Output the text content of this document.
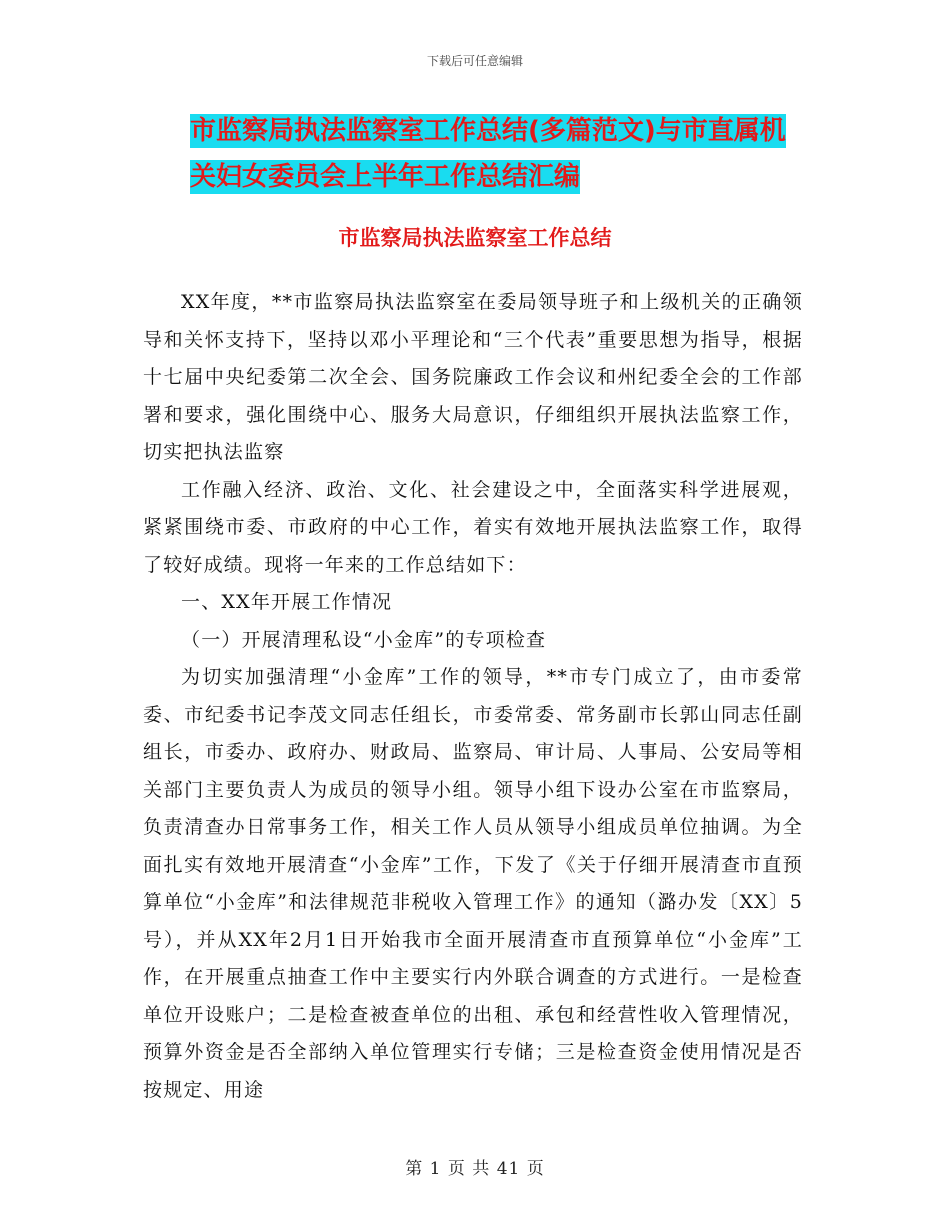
下载后可任意编辑
市监察局执法监察室工作总结(多篇范文)与市直属机
关妇女委员会上半年工作总结汇编
市监察局执法监察室工作总结

XX年度，**市监察局执法监察室在委局领导班子和上级机关的正确领导和关怀支持下，坚持以邓小平理论和“三个代表”重要思想为指导，根据十七届中央纪委第二次全会、国务院廉政工作会议和州纪委全会的工作部署和要求，强化围绕中心、服务大局意识，仔细组织开展执法监察工作，切实把执法监察

工作融入经济、政治、文化、社会建设之中，全面落实科学进展观，紧紧围绕市委、市政府的中心工作，着实有效地开展执法监察工作，取得了较好成绩。现将一年来的工作总结如下：

一、XX年开展工作情况

（一）开展清理私设“小金库”的专项检查

为切实加强清理“小金库”工作的领导，**市专门成立了，由市委常委、市纪委书记李茂文同志任组长，市委常委、常务副市长郭山同志任副组长，市委办、政府办、财政局、监察局、审计局、人事局、公安局等相关部门主要负责人为成员的领导小组。领导小组下设办公室在市监察局，负责清查办日常事务工作，相关工作人员从领导小组成员单位抽调。为全面扎实有效地开展清查“小金库”工作，下发了《关于仔细开展清查市直预算单位“小金库”和法律规范非税收入管理工作》的通知（潞办发〔XX〕5号），并从XX年2月1日开始我市全面开展清查市直预算单位“小金库”工作，在开展重点抽查工作中主要实行内外联合调查的方式进行。一是检查单位开设账户；二是检查被查单位的出租、承包和经营性收入管理情况，预算外资金是否全部纳入单位管理实行专储；三是检查资金使用情况是否按规定、用途

第 1 页 共 41 页
